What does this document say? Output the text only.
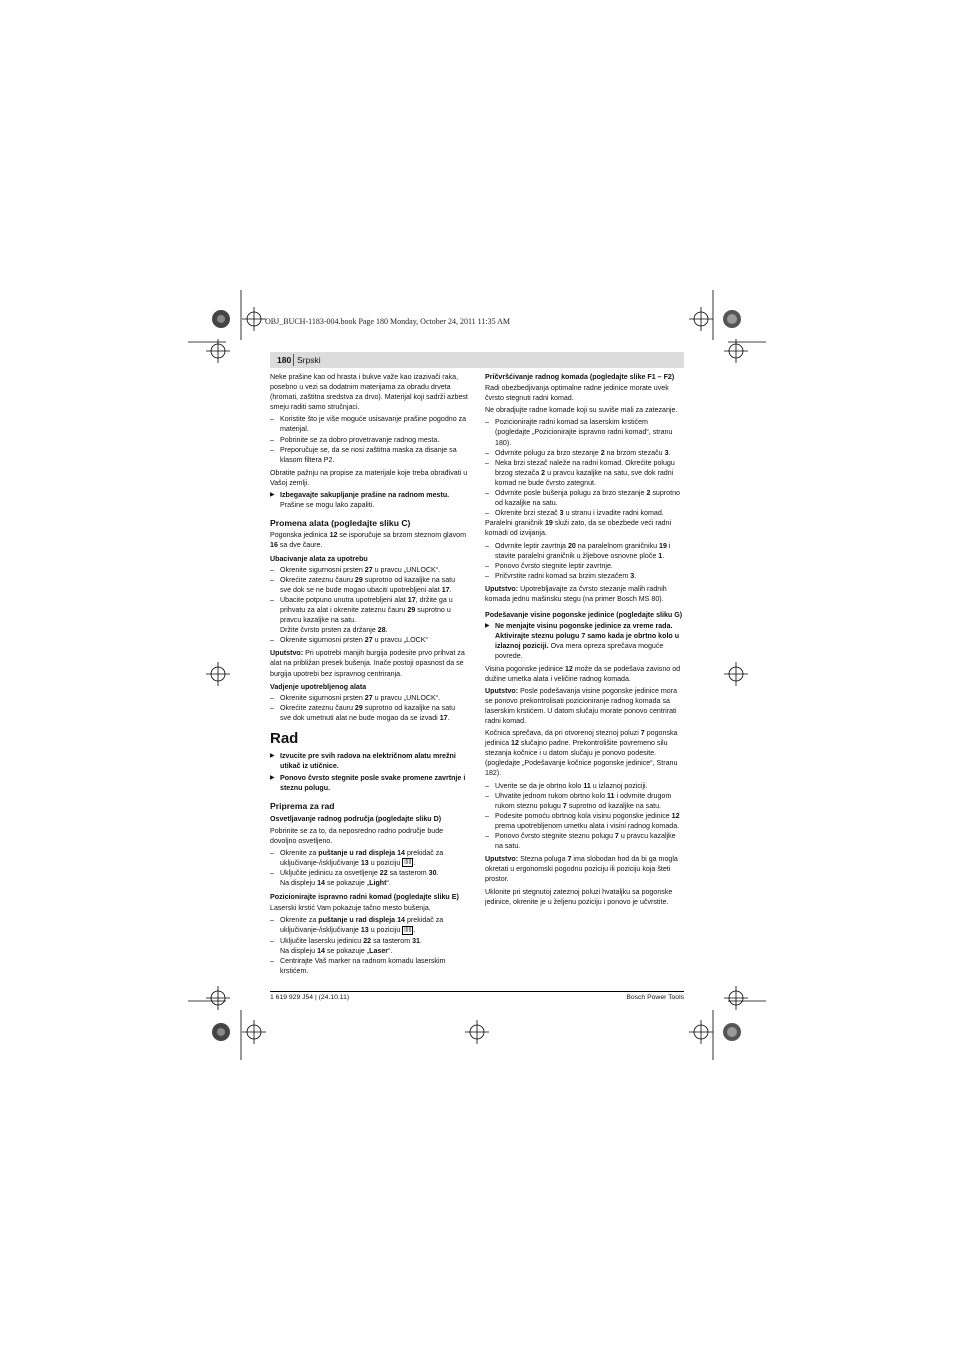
OBJ_BUCH-1183-004.book Page 180 Monday, October 24, 2011 11:35 AM
180 Srpski

Neke prašine kao od hrasta i bukve važe kao izazivači raka, posebno u vezi sa dodatnim materijama za obradu drveta (hromati, zaštitna sredstva za drvo). Materijal koji sadrži azbest smeju raditi samo stručnjaci.

– Koristite što je više moguće usisavanje prašine pogodno za materijal.

– Pobrinite se za dobro provetravanje radnog mesta.

– Preporučuje se, da se nosi zaštitna maska za disanje sa klasom filtera P2.

Obratite pažnju na propise za materijale koje treba obrađivati u Vašoj zemlji.

▶ Izbegavajte sakupljanje prašine na radnom mestu.
Prašine se mogu lako zapaliti.

Promena alata (pogledajte sliku C)

Pogonska jedinica 12 se isporučuje sa brzom steznom glavom 16 sa dve čaure.

Ubacivanje alata za upotrebu

– Okrenite sigurnosni prsten 27 u pravcu „UNLOCK“.

– Okrećite zateznu čauru 29 suprotno od kazaljke na satu sve dok se ne bude mogao ubaciti upotrebljeni alat 17.

– Ubacite potpuno unutra upotrebljeni alat 17, držite ga u prihvatu za alat i okrenite zateznu čauru 29 suprotno u pravcu kazaljke na satu.

Držite čvrsto prsten za držanje 28.

– Okrenite sigurnosni prsten 27 u pravcu „LOCK“

Uputstvo: Pri upotrebi manjih burgija podesite prvo prihvat za alat na približan presek bušenja. Inače postoji opasnost da se burgija upotrebi bez ispravnog centriranja.

Vadjenje upotrebljenog alata

– Okrenite sigurnosni prsten 27 u pravcu „UNLOCK“.

– Okrećite zateznu čauru 29 suprotno od kazaljke na satu sve dok umetnuti alat ne bude mogao da se izvadi 17.

Rad

▶ Izvucite pre svih radova na električnom alatu mrežni utikač iz utičnice.

▶ Ponovo čvrsto stegnite posle svake promene zavrtnje i steznu polugu.

Priprema za rad
Osvetljavanje radnog područja (pogledajte sliku D)

Pobrinite se za to, da neposredno radno područje bude dovoljno osvetljeno.

– Okrenite za puštanje u rad displeja 14 prekidač za uključivanje-/isključivanje 13 u poziciju ||||| .

– Uključite jedinicu za osvetljenje 22 sa tasterom 30.

Na displeju 14 se pokazuje „Light“.

Pozicionirajte ispravno radni komad (pogledajte sliku E)

Laserski krstić Vam pokazuje tačno mesto bušenja.

– Okrenite za puštanje u rad displeja 14 prekidač za uključivanje-/isključivanje 13 u poziciju ||||| .

– Uključite lasersku jedinicu 22 sa tasterom 31.

Na displeju 14 se pokazuje „Laser“.

– Centrirajte Vaš marker na radnom komadu laserskim krstićem.

Pričvršćivanje radnog komada (pogledajte slike F1 – F2)

Radi obezbedjivanja optimalne radne jedinice morate uvek čvrsto stegnuti radni komad.

Ne obradjujte radne komade koji su suviše mali za zatezanje.

– Pozicionirajte radni komad sa laserskim krstićem (pogledajte „Pozicionirajte ispravno radni komad“, stranu 180).

– Odvrnite polugu za brzo stezanje 2 na brzom stezaču 3.

– Neka brzi stezač naleže na radni komad. Okrećite polugu brzog stezača 2 u pravcu kazaljke na satu, sve dok radni komad ne bude čvrsto zategnut.

– Odvrnite posle bušenja polugu za brzo stezanje 2 suprotno od kazaljke na satu.

– Okrenite brzi stezač 3 u stranu i izvadite radni komad.

Paralelni graničnik 19 služi zato, da se obezbede veći radni komadi od izvijanja.

– Odvrnite leptir zavrtnja 20 na paralelnom graničniku 19 i stavite paralelni graničnik u žljebove osnovne ploče 1.

– Ponovo čvrsto stegnite leptir zavrtnje.

– Pričvrstite radni komad sa brzim stezačem 3.

Uputstvo: Upotrebljavajte za čvrsto stezanje malih radnih komada jednu mašinsku stegu (na primer Bosch MS 80).

Podešavanje visine pogonske jedinice (pogledajte sliku G)

▶ Ne menjajte visinu pogonske jedinice za vreme rada. Aktivirajte steznu polugu 7 samo kada je obrtno kolo u izlaznoj poziciji. Ova mera opreza sprečava moguće povrede.

Visina pogonske jedinice 12 može da se podešava zavisno od dužine umetka alata i veličine radnog komada.

Uputstvo: Posle podešavanja visine pogonske jedinice mora se ponovo prekontrolisati pozicioniranje radnog komada sa laserskim krstićem. U datom slučaju morate ponovo centrirati radni komad.

Kočnica sprečava, da pri otvorenoj steznoj poluzi 7 pogonska jedinica 12 slučajno padne. Prekontrolišite povremeno silu stezanja kočnice i u datom slučaju je ponovo podesite. (pogledajte „Podešavanje kočnice pogonske jedinice“, Stranu 182).

– Uverite se da je obrtno kolo 11 u izlaznoj poziciji.

– Uhvatite jednom rukom obrtno kolo 11 i odvrnite drugom rukom steznu polugu 7 suprotno od kazaljke na satu.

– Podesite pomoću obrtnog kola visinu pogonske jedinice 12 prema upotrebljenom umetku alata i visini radnog komada.

– Ponovo čvrsto stegnite steznu polugu 7 u pravcu kazaljke na satu.

Uputstvo: Stezna poluga 7 ima slobodan hod da bi ga mogla okretati u ergonomski pogodnu poziciju ili poziciju koja šteti prostor.

Uklonite pri stegnutoj zateznoj poluzi hvataljku sa pogonske jedinice, okrenite je u željenu poziciju i ponovo je učvrstite.

1 619 929 J54 | (24.10.11)	Bosch Power Tools
